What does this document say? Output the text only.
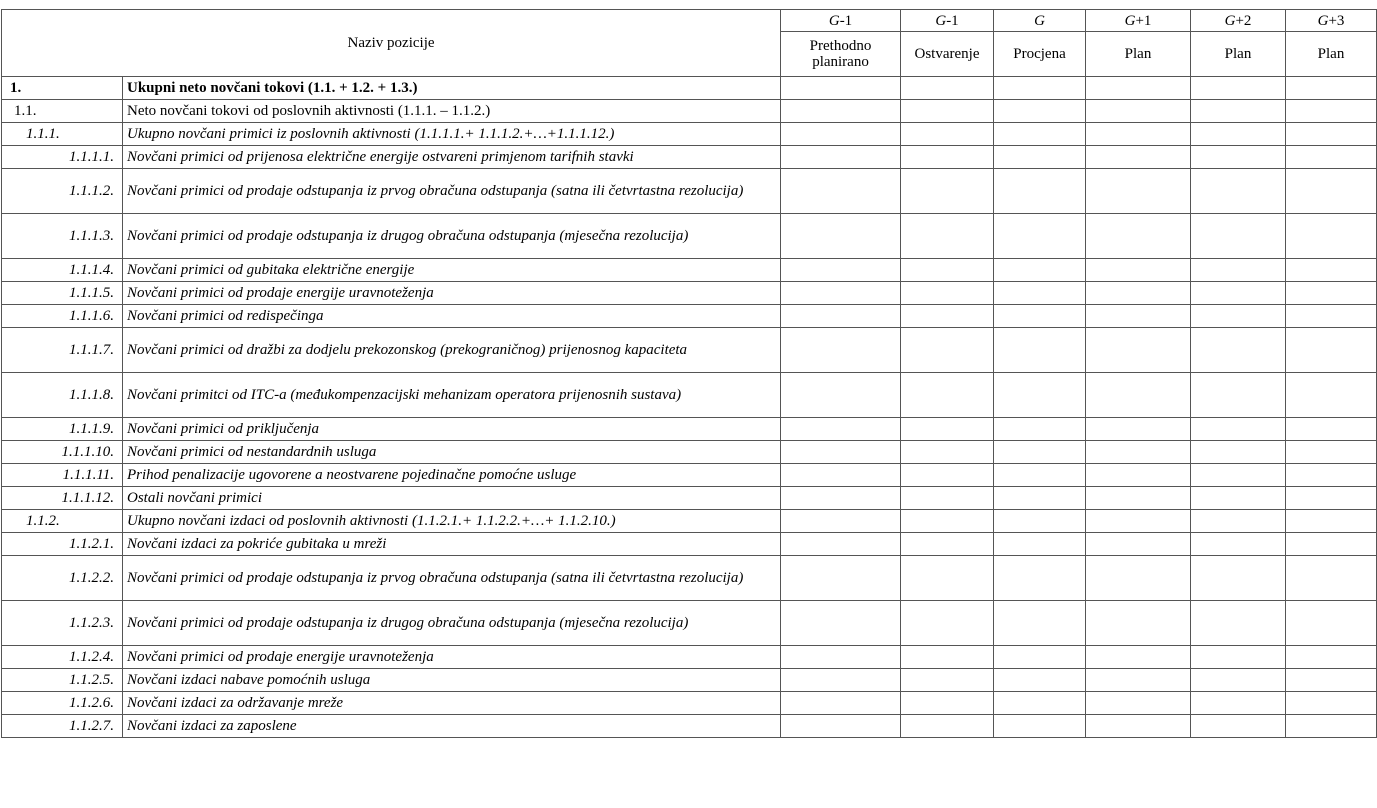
Naziv pozicije		G-1	G-1	G	G+1	G+2	G+3
		Prethodno planirano	Ostvarenje	Procjena	Plan	Plan	Plan
1.	Ukupni neto novčani tokovi (1.1. + 1.2. + 1.3.)						
1.1.	Neto novčani tokovi od poslovnih aktivnosti (1.1.1. – 1.1.2.)						
1.1.1.	Ukupno novčani primici iz poslovnih aktivnosti (1.1.1.1.+ 1.1.1.2.+…+1.1.1.12.)						
1.1.1.1.	Novčani primici od prijenosa električne energije ostvareni primjenom tarifnih stavki						
1.1.1.2.	Novčani primici od prodaje odstupanja iz prvog obračuna odstupanja (satna ili četvrtastna rezolucija)						
1.1.1.3.	Novčani primici od prodaje odstupanja iz drugog obračuna odstupanja (mjesečna rezolucija)						
1.1.1.4.	Novčani primici od gubitaka električne energije						
1.1.1.5.	Novčani primici od prodaje energije uravnoteženja						
1.1.1.6.	Novčani primici od redispečinga						
1.1.1.7.	Novčani primici od dražbi za dodjelu prekozonskog (prekograničnog) prijenosnog kapaciteta						
1.1.1.8.	Novčani primitci od ITC-a (međukompenzacijski mehanizam operatora prijenosnih sustava)						
1.1.1.9.	Novčani primici od priključenja						
1.1.1.10.	Novčani primici od nestandardnih usluga						
1.1.1.11.	Prihod penalizacije ugovorene a neostvarene pojedinačne pomoćne usluge						
1.1.1.12.	Ostali novčani primici						
1.1.2.	Ukupno novčani izdaci od poslovnih aktivnosti (1.1.2.1.+ 1.1.2.2.+…+ 1.1.2.10.)						
1.1.2.1.	Novčani izdaci za pokriće gubitaka u mreži						
1.1.2.2.	Novčani primici od prodaje odstupanja iz prvog obračuna odstupanja (satna ili četvrtastna rezolucija)						
1.1.2.3.	Novčani primici od prodaje odstupanja iz drugog obračuna odstupanja (mjesečna rezolucija)						
1.1.2.4.	Novčani primici od prodaje energije uravnoteženja						
1.1.2.5.	Novčani izdaci nabave pomoćnih usluga						
1.1.2.6.	Novčani izdaci za održavanje mreže						
1.1.2.7.	Novčani izdaci za zaposlene						
